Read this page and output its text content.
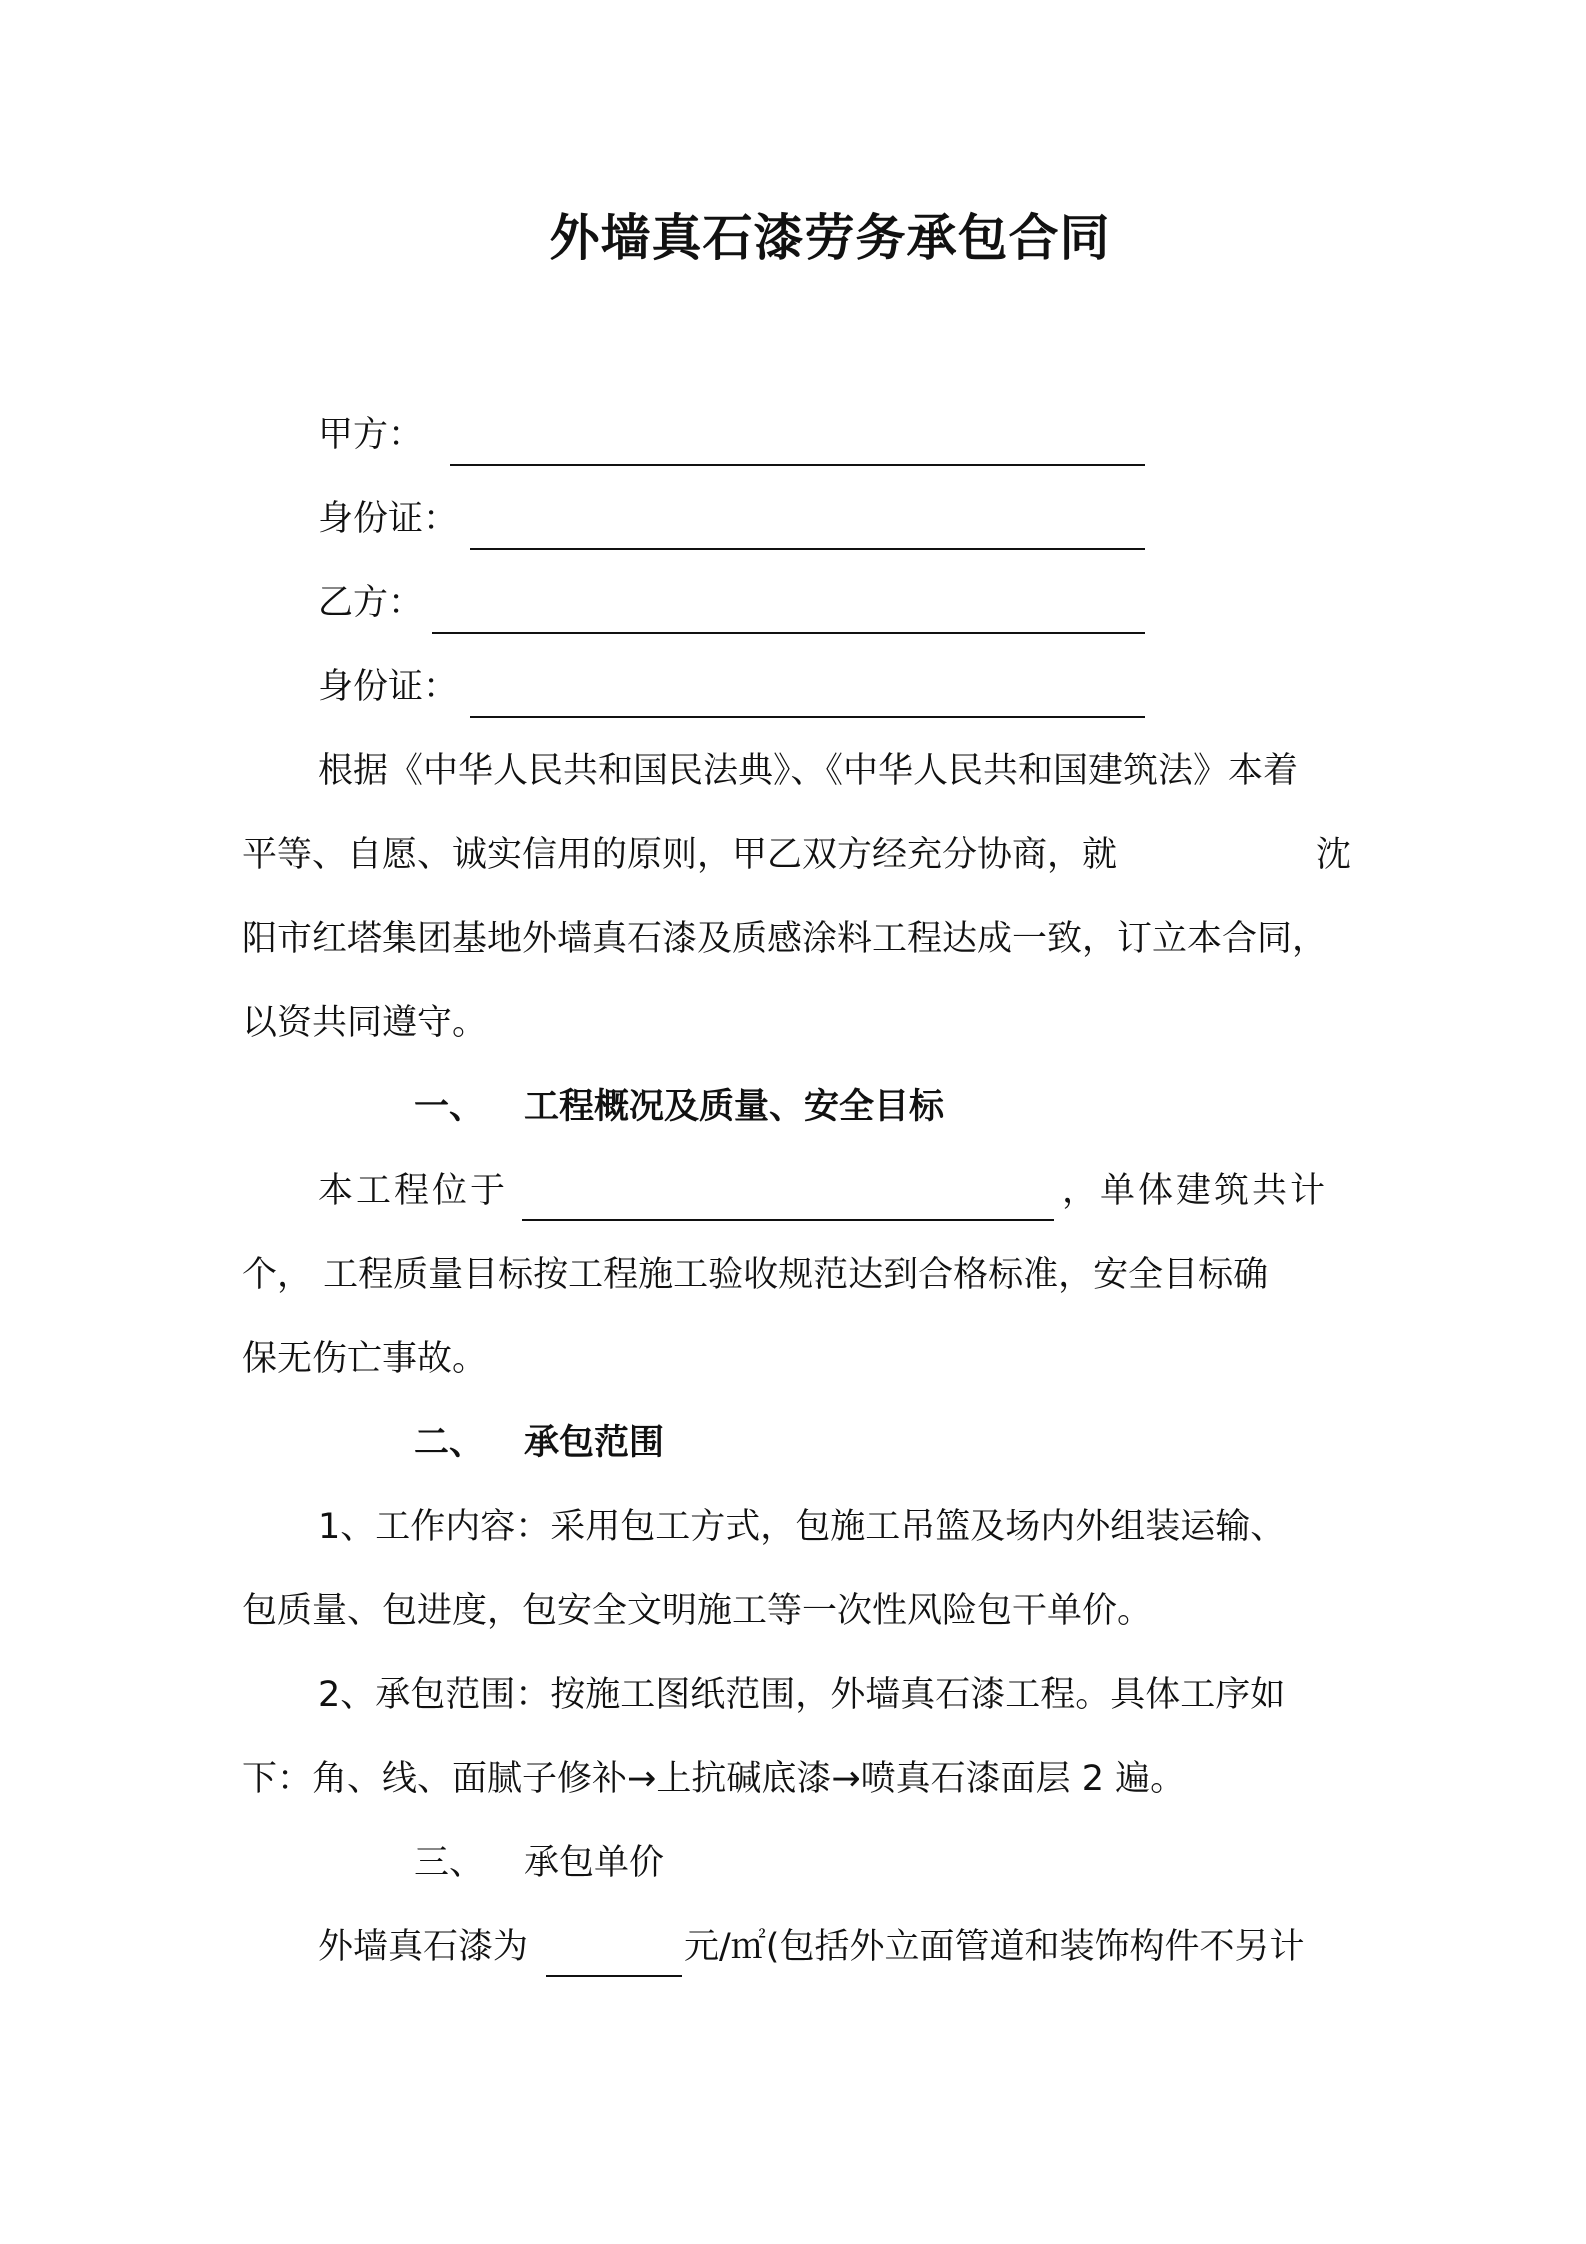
外墙真石漆劳务承包合同
甲方：
身份证：
乙方：
身份证：
根据《中华人民共和国民法典》、《中华人民共和国建筑法》本着
平等、自愿、诚实信用的原则，甲乙双方经充分协商，就	沈
阳市红塔集团基地外墙真石漆及质感涂料工程达成一致，订立本合同，
以资共同遵守。
一、 工程概况及质量、安全目标
本工程位于	，单体建筑共计
个， 工程质量目标按工程施工验收规范达到合格标准，安全目标确
保无伤亡事故。
二、 承包范围
1、工作内容：采用包工方式，包施工吊篮及场内外组装运输、
包质量、包进度，包安全文明施工等一次性风险包干单价。
2、承包范围：按施工图纸范围，外墙真石漆工程。具体工序如
下：角、线、面腻子修补→上抗碱底漆→喷真石漆面层 2 遍。
三、 承包单价
外墙真石漆为	元/㎡(包括外立面管道和装饰构件不另计
